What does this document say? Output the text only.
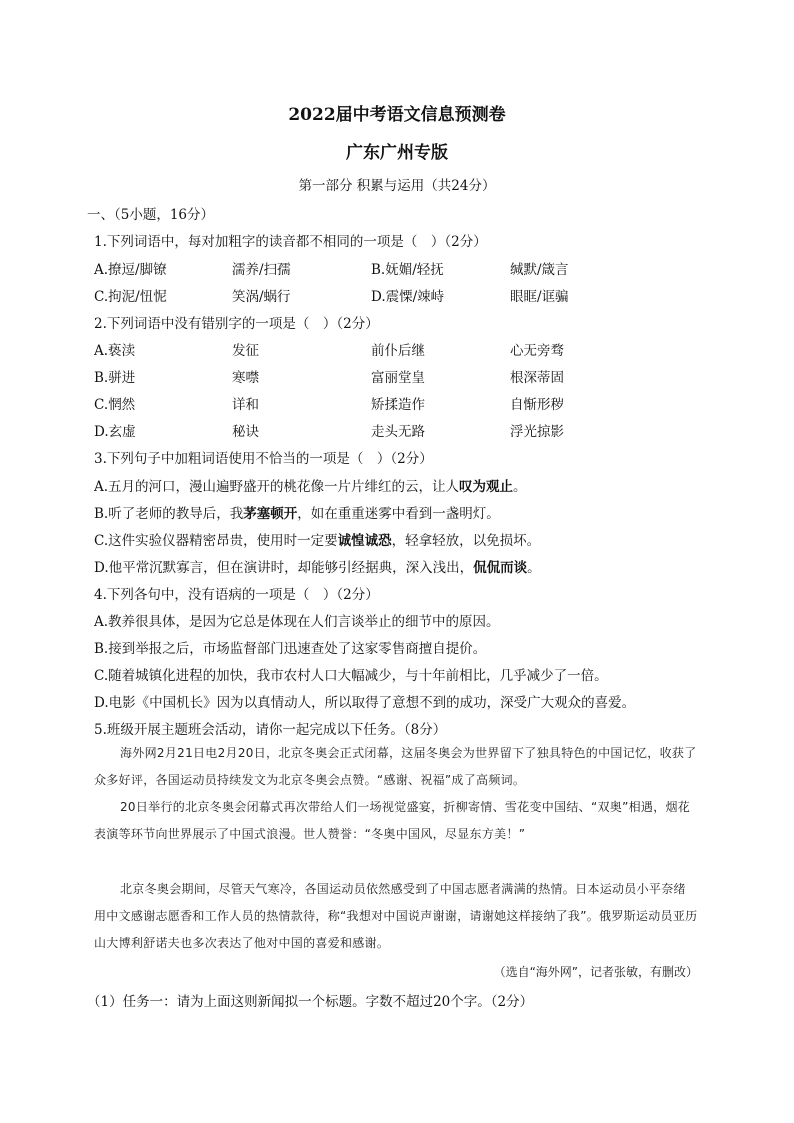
2022届中考语文信息预测卷
广东广州专版
第一部分 积累与运用（共24分）
一、（5小题，16分）
1.下列词语中，每对加粗字的读音都不相同的一项是（　）（2分）
A.撩逗/脚镣	濡养/扫孺	B.妩媚/轻抚	缄默/箴言
C.拘泥/忸怩	笑涡/蜗行	D.震慄/竦峙	眼眶/诓骗
2.下列词语中没有错别字的一项是（　）（2分）
A.亵渎	发征	前仆后继	心无旁骛
B.骈进	寒噤	富丽堂皇	根深蒂固
C.惘然	详和	矫揉造作	自惭形秽
D.玄虚	秘诀	走头无路	浮光掠影
3.下列句子中加粗词语使用不恰当的一项是（　）（2分）
A.五月的河口，漫山遍野盛开的桃花像一片片绯红的云，让人叹为观止。
B.听了老师的教导后，我茅塞顿开，如在重重迷雾中看到一盏明灯。
C.这件实验仪器精密昂贵，使用时一定要诚惶诚恐，轻拿轻放，以免损坏。
D.他平常沉默寡言，但在演讲时，却能够引经据典，深入浅出，侃侃而谈。
4.下列各句中，没有语病的一项是（　）（2分）
A.教养很具体，是因为它总是体现在人们言谈举止的细节中的原因。
B.接到举报之后，市场监督部门迅速查处了这家零售商擅自提价。
C.随着城镇化进程的加快，我市农村人口大幅减少，与十年前相比，几乎减少了一倍。
D.电影《中国机长》因为以真情动人，所以取得了意想不到的成功，深受广大观众的喜爱。
5.班级开展主题班会活动，请你一起完成以下任务。（8分）
海外网2月21日电2月20日，北京冬奥会正式闭幕，这届冬奥会为世界留下了独具特色的中国记忆，收获了众多好评，各国运动员持续发文为北京冬奥会点赞。“感谢、祝福”成了高频词。
20日举行的北京冬奥会闭幕式再次带给人们一场视觉盛宴，折柳寄情、雪花变中国结、“双奥”相遇，烟花表演等环节向世界展示了中国式浪漫。世人赞誉：“冬奥中国风，尽显东方美！”
北京冬奥会期间，尽管天气寒冷，各国运动员依然感受到了中国志愿者满满的热情。日本运动员小平奈绪用中文感谢志愿香和工作人员的热情款待，称“我想对中国说声谢谢，请谢她这样接纳了我”。俄罗斯运动员亚历山大博利舒诺夫也多次表达了他对中国的喜爱和感谢。
（选自“海外网”，记者张敏，有删改）
（1）任务一：请为上面这则新闻拟一个标题。字数不超过20个字。（2分）
